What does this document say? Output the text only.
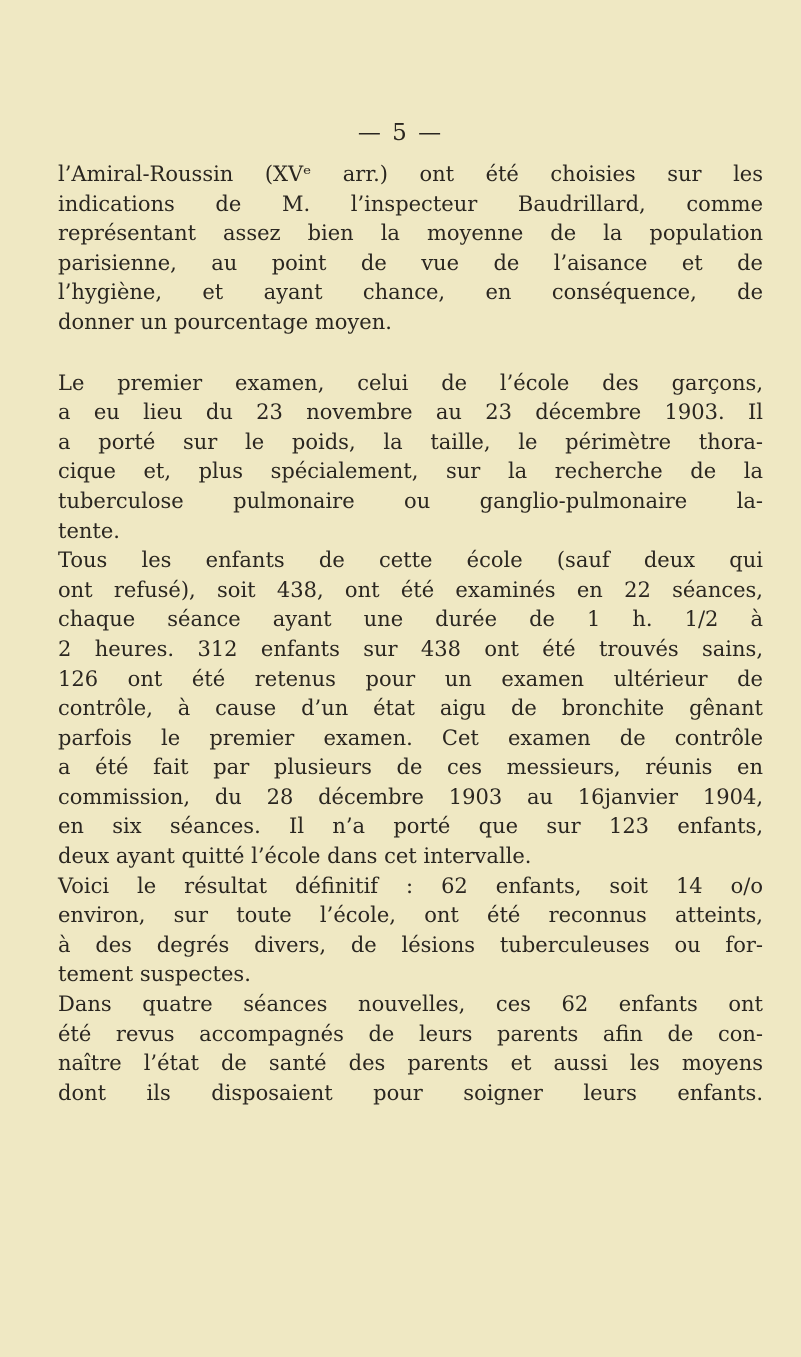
— 5 —
l’Amiral-Roussin (XVᵉ arr.) ont été choisies sur les
indications de M. l’inspecteur Baudrillard, comme
représentant assez bien la moyenne de la population
parisienne, au point de vue de l’aisance et de
l’hygiène, et ayant chance, en conséquence, de
donner un pourcentage moyen.
Le premier examen, celui de l’école des garçons,
a eu lieu du 23 novembre au 23 décembre 1903. Il
a porté sur le poids, la taille, le périmètre thora-
cique et, plus spécialement, sur la recherche de la
tuberculose pulmonaire ou ganglio-pulmonaire la-
tente.
Tous les enfants de cette école (sauf deux qui
ont refusé), soit 438, ont été examinés en 22 séances,
chaque séance ayant une durée de 1 h. 1/2 à
2 heures. 312 enfants sur 438 ont été trouvés sains,
126 ont été retenus pour un examen ultérieur de
contrôle, à cause d’un état aigu de bronchite gênant
parfois le premier examen. Cet examen de contrôle
a été fait par plusieurs de ces messieurs, réunis en
commission, du 28 décembre 1903 au 16janvier 1904,
en six séances. Il n’a porté que sur 123 enfants,
deux ayant quitté l’école dans cet intervalle.
Voici le résultat définitif : 62 enfants, soit 14 o/o
environ, sur toute l’école, ont été reconnus atteints,
à des degrés divers, de lésions tuberculeuses ou for-
tement suspectes.
Dans quatre séances nouvelles, ces 62 enfants ont
été revus accompagnés de leurs parents afin de con-
naître l’état de santé des parents et aussi les moyens
dont ils disposaient pour soigner leurs enfants.
